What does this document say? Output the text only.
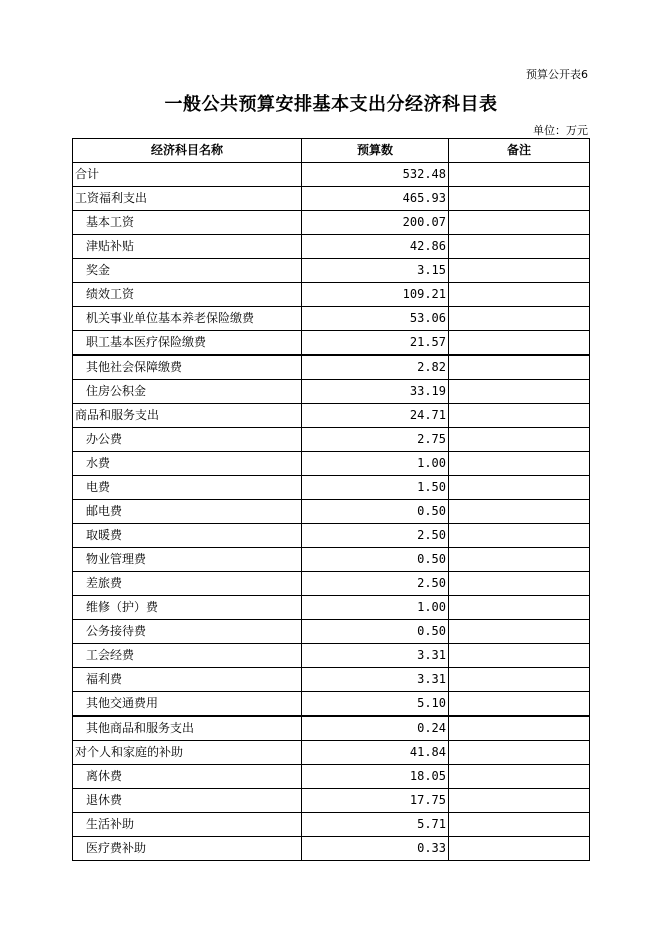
预算公开表6
一般公共预算安排基本支出分经济科目表
单位：万元
经济科目名称	预算数	备注
合计	532.48	
工资福利支出	465.93	
基本工资	200.07	
津贴补贴	42.86	
奖金	3.15	
绩效工资	109.21	
机关事业单位基本养老保险缴费	53.06	
职工基本医疗保险缴费	21.57	
其他社会保障缴费	2.82	
住房公积金	33.19	
商品和服务支出	24.71	
办公费	2.75	
水费	1.00	
电费	1.50	
邮电费	0.50	
取暖费	2.50	
物业管理费	0.50	
差旅费	2.50	
维修（护）费	1.00	
公务接待费	0.50	
工会经费	3.31	
福利费	3.31	
其他交通费用	5.10	
其他商品和服务支出	0.24	
对个人和家庭的补助	41.84	
离休费	18.05	
退休费	17.75	
生活补助	5.71	
医疗费补助	0.33	
